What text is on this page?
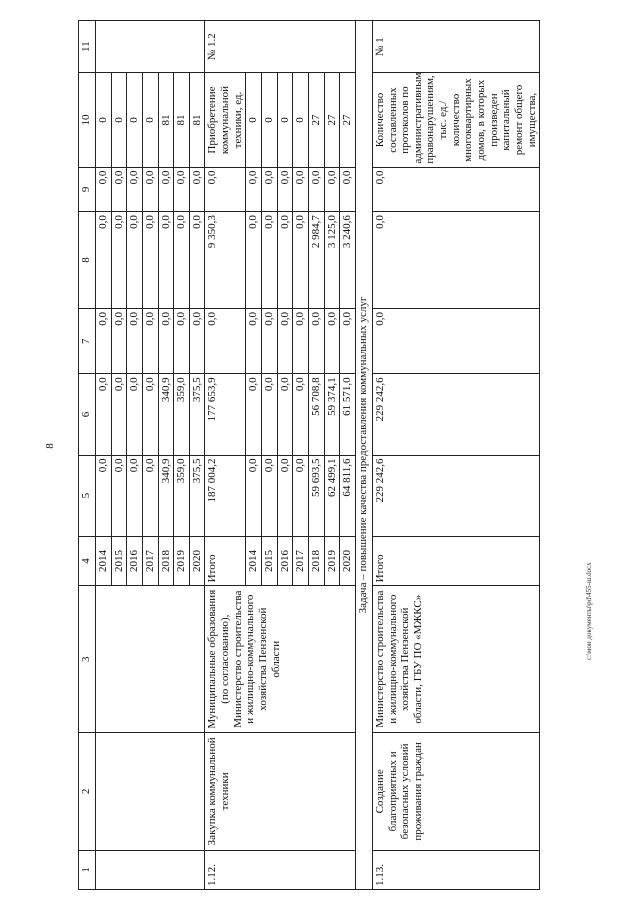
8
c:\мои документы\pd\455-ш.docx
1	2	3	4	5	6	7	8	9	10	11
			2014	0,0	0,0	0,0	0,0	0,0	0	
			2015	0,0	0,0	0,0	0,0	0,0	0	
			2016	0,0	0,0	0,0	0,0	0,0	0	
			2017	0,0	0,0	0,0	0,0	0,0	0	
			2018	340,9	340,9	0,0	0,0	0,0	81	
			2019	359,0	359,0	0,0	0,0	0,0	81	
			2020	375,5	375,5	0,0	0,0	0,0	81	
1.12.	Закупка коммунальной техники	Муниципальные образования (по согласованию), Министерство строительства и жилищно-коммунального хозяйства Пензенской области	Итого	187 004,2	177 653,9	0,0	9 350,3	0,0	Приобретение коммунальной техники, ед.	№ 1.2
			2014	0,0	0,0	0,0	0,0	0,0	0	
			2015	0,0	0,0	0,0	0,0	0,0	0	
			2016	0,0	0,0	0,0	0,0	0,0	0	
			2017	0,0	0,0	0,0	0,0	0,0	0	
			2018	59 693,5	56 708,8	0,0	2 984,7	0,0	27	
			2019	62 499,1	59 374,1	0,0	3 125,0	0,0	27	
			2020	64 811,6	61 571,0	0,0	3 240,6	0,0	27	
Задача – повышение качества предоставления коммунальных услуг										
1.13.	Создание благоприятных и безопасных условий проживания граждан	Министерство строительства и жилищно-коммунального хозяйства Пензенской области, ГБУ ПО «МЖКС»	Итого	229 242,6	229 242,6	0,0	0,0	0,0	Количество составленных протоколов по административным правонарушениям, тыс. ед./ количество многоквартирных домов, в которых произведен капитальный ремонт общего имущества,	№ 1
